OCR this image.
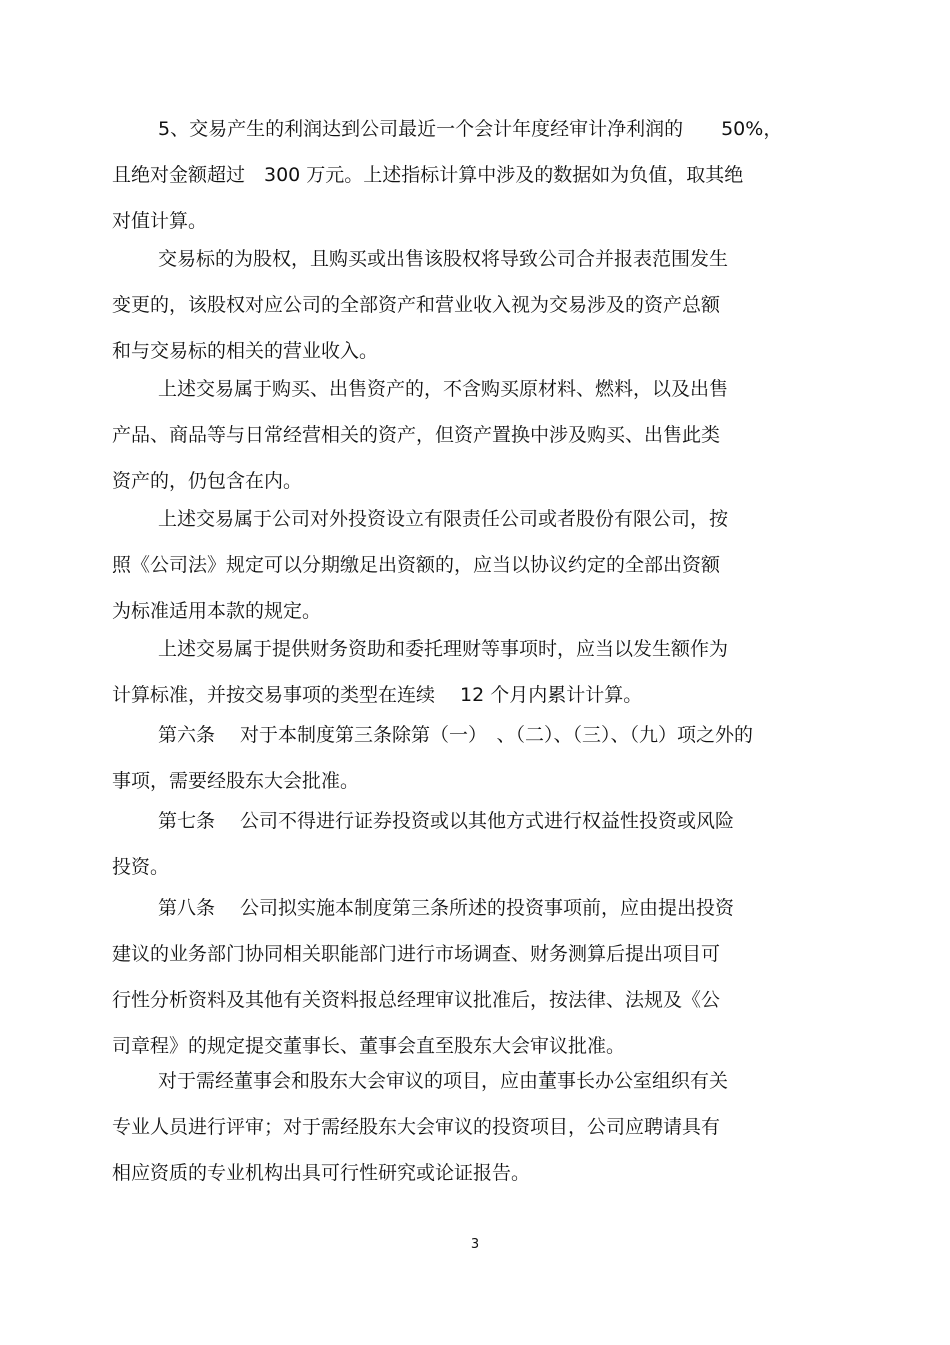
5、交易产生的利润达到公司最近一个会计年度经审计净利润的　　50%，
且绝对金额超过　300 万元。上述指标计算中涉及的数据如为负值，取其绝
对值计算。
交易标的为股权，且购买或出售该股权将导致公司合并报表范围发生
变更的，该股权对应公司的全部资产和营业收入视为交易涉及的资产总额
和与交易标的相关的营业收入。
上述交易属于购买、出售资产的，不含购买原材料、燃料，以及出售
产品、商品等与日常经营相关的资产，但资产置换中涉及购买、出售此类
资产的，仍包含在内。
上述交易属于公司对外投资设立有限责任公司或者股份有限公司，按
照《公司法》规定可以分期缴足出资额的，应当以协议约定的全部出资额
为标准适用本款的规定。
上述交易属于提供财务资助和委托理财等事项时，应当以发生额作为
计算标准，并按交易事项的类型在连续　 12 个月内累计计算。
第六条　 对于本制度第三条除第（一）　、（二）、（三）、（九）项之外的
事项，需要经股东大会批准。
第七条　 公司不得进行证券投资或以其他方式进行权益性投资或风险
投资。
第八条　 公司拟实施本制度第三条所述的投资事项前，应由提出投资
建议的业务部门协同相关职能部门进行市场调查、财务测算后提出项目可
行性分析资料及其他有关资料报总经理审议批准后，按法律、法规及《公
司章程》的规定提交董事长、董事会直至股东大会审议批准。
对于需经董事会和股东大会审议的项目，应由董事长办公室组织有关
专业人员进行评审；对于需经股东大会审议的投资项目，公司应聘请具有
相应资质的专业机构出具可行性研究或论证报告。
3
